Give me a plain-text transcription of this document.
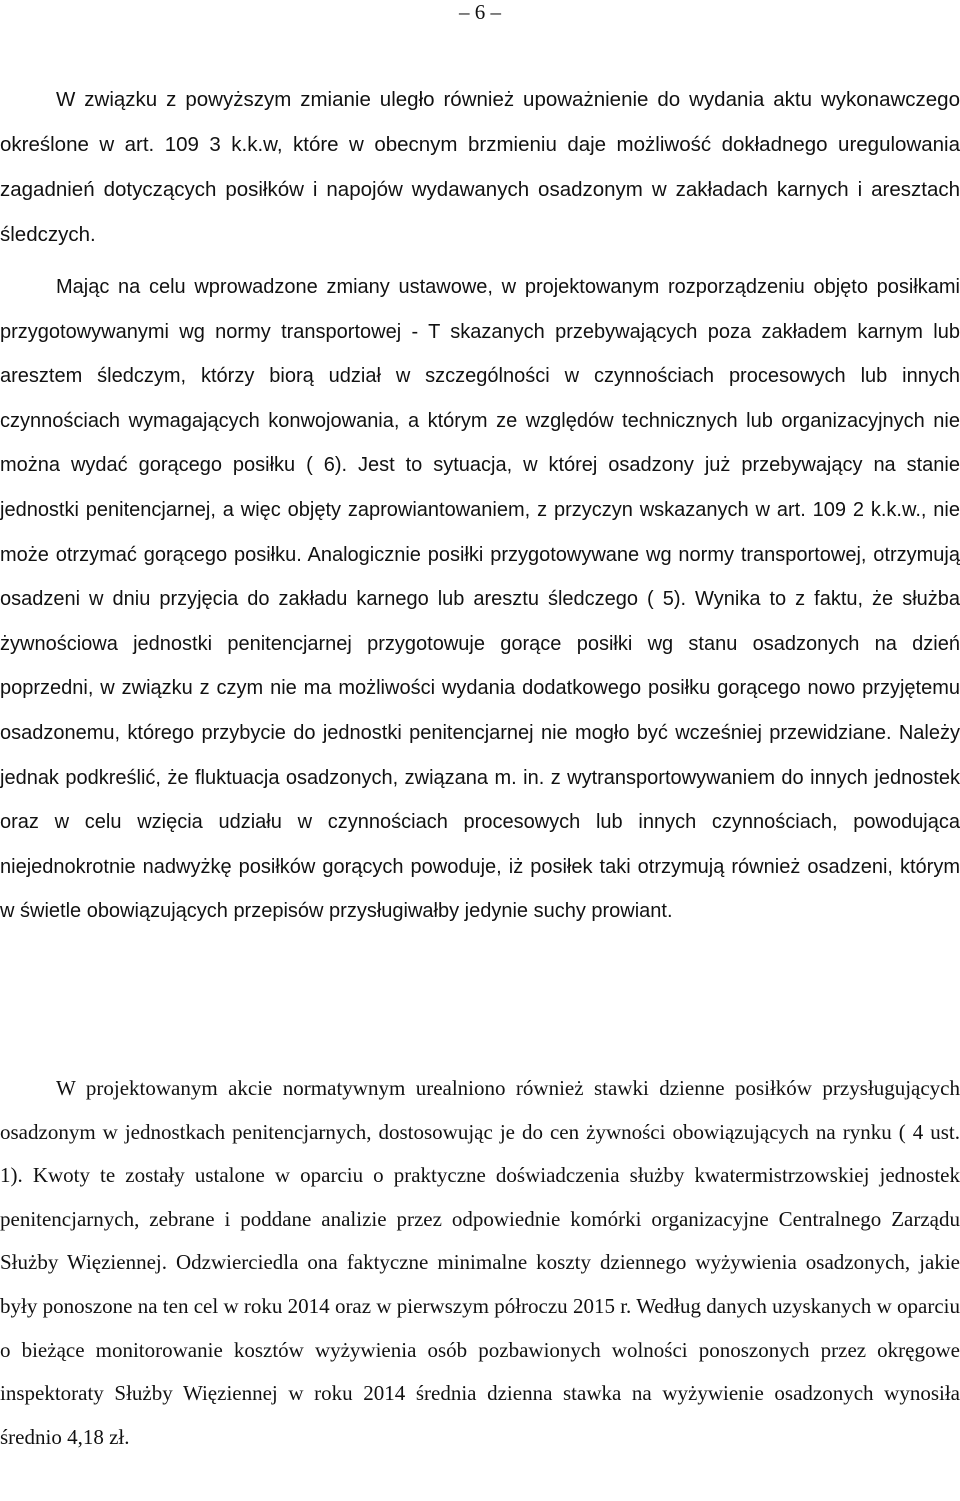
– 6 –

W związku z powyższym zmianie uległo również upoważnienie do wydania aktu wykonawczego określone w art. 109 3 k.k.w, które w obecnym brzmieniu daje możliwość dokładnego uregulowania zagadnień dotyczących posiłków i napojów wydawanych osadzonym w zakładach karnych i aresztach śledczych.

Mając na celu wprowadzone zmiany ustawowe, w projektowanym rozporządzeniu objęto posiłkami przygotowywanymi wg normy transportowej - T skazanych przebywających poza zakładem karnym lub aresztem śledczym, którzy biorą udział w szczególności w czynnościach procesowych lub innych czynnościach wymagających konwojowania, a którym ze względów technicznych lub organizacyjnych nie można wydać gorącego posiłku ( 6). Jest to sytuacja, w której osadzony już przebywający na stanie jednostki penitencjarnej, a więc objęty zaprowiantowaniem, z przyczyn wskazanych w art. 109 2 k.k.w., nie może otrzymać gorącego posiłku. Analogicznie posiłki przygotowywane wg normy transportowej, otrzymują osadzeni w dniu przyjęcia do zakładu karnego lub aresztu śledczego ( 5). Wynika to z faktu, że służba żywnościowa jednostki penitencjarnej przygotowuje gorące posiłki wg stanu osadzonych na dzień poprzedni, w związku z czym nie ma możliwości wydania dodatkowego posiłku gorącego nowo przyjętemu osadzonemu, którego przybycie do jednostki penitencjarnej nie mogło być wcześniej przewidziane. Należy jednak podkreślić, że fluktuacja osadzonych, związana m. in. z wytransportowywaniem do innych jednostek oraz w celu wzięcia udziału w czynnościach procesowych lub innych czynnościach, powodująca niejednokrotnie nadwyżkę posiłków gorących powoduje, iż posiłek taki otrzymują również osadzeni, którym w świetle obowiązujących przepisów przysługiwałby jedynie suchy prowiant.

W projektowanym akcie normatywnym urealniono również stawki dzienne posiłków przysługujących osadzonym w jednostkach penitencjarnych, dostosowując je do cen żywności obowiązujących na rynku ( 4 ust. 1). Kwoty te zostały ustalone w oparciu o praktyczne doświadczenia służby kwatermistrzowskiej jednostek penitencjarnych, zebrane i poddane analizie przez odpowiednie komórki organizacyjne Centralnego Zarządu Służby Więziennej. Odzwierciedla ona faktyczne minimalne koszty dziennego wyżywienia osadzonych, jakie były ponoszone na ten cel w roku 2014 oraz w pierwszym półroczu 2015 r. Według danych uzyskanych w oparciu o bieżące monitorowanie kosztów wyżywienia osób pozbawionych wolności ponoszonych przez okręgowe inspektoraty Służby Więziennej w roku 2014 średnia dzienna stawka na wyżywienie osadzonych wynosiła średnio 4,18 zł.
